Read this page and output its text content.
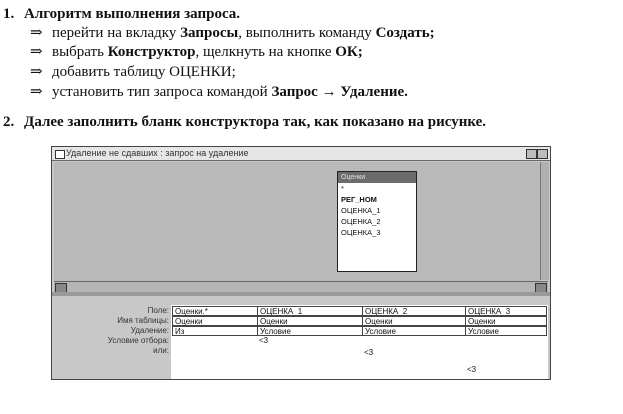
1. Алгоритм выполнения запроса.
⇒ перейти на вкладку Запросы, выполнить команду Создать;
⇒ выбрать Конструктор, щелкнуть на кнопке ОК;
⇒ добавить таблицу ОЦЕНКИ;
⇒ установить тип запроса командой Запрос → Удаление.
2. Далее заполнить бланк конструктора так, как показано на рисунке.
Удаление не сдавших : запрос на удаление
Оценки
*
РЕГ_НОМ
ОЦЕНКА_1
ОЦЕНКА_2
ОЦЕНКА_3
Поле:
Имя таблицы:
Удаление:
Условие отбора:
или:
Оценки.*
Оценки
Из
ОЦЕНКА_1
Оценки
Условие
<3
ОЦЕНКА_2
Оценки
Условие
<3
ОЦЕНКА_3
Оценки
Условие
<3
